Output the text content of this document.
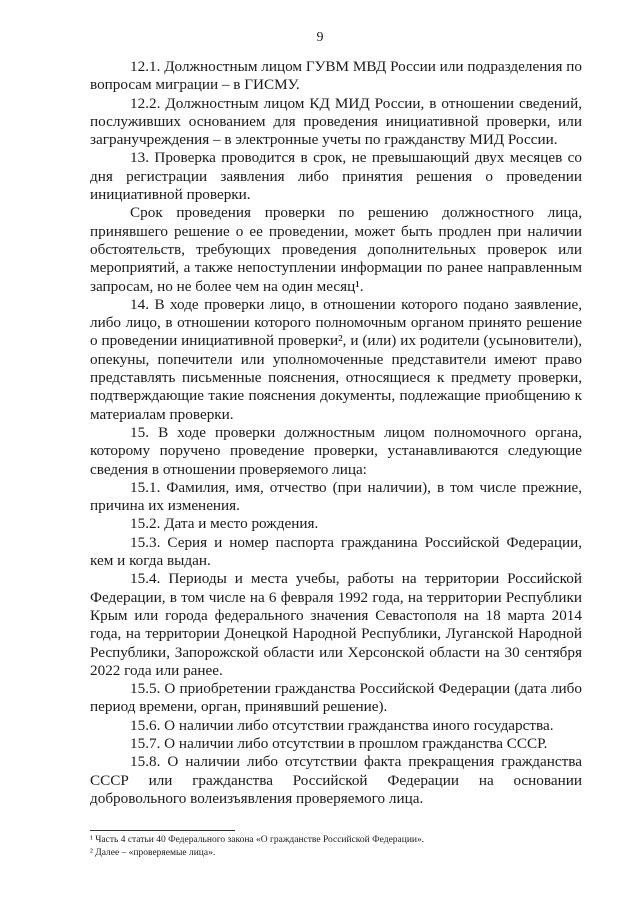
9

12.1. Должностным лицом ГУВМ МВД России или подразделения по вопросам миграции – в ГИСМУ.

12.2. Должностным лицом КД МИД России, в отношении сведений, послуживших основанием для проведения инициативной проверки, или загранучреждения – в электронные учеты по гражданству МИД России.

13. Проверка проводится в срок, не превышающий двух месяцев со дня регистрации заявления либо принятия решения о проведении инициативной проверки.

Срок проведения проверки по решению должностного лица, принявшего решение о ее проведении, может быть продлен при наличии обстоятельств, требующих проведения дополнительных проверок или мероприятий, а также непоступлении информации по ранее направленным запросам, но не более чем на один месяц¹.

14. В ходе проверки лицо, в отношении которого подано заявление, либо лицо, в отношении которого полномочным органом принято решение о проведении инициативной проверки², и (или) их родители (усыновители), опекуны, попечители или уполномоченные представители имеют право представлять письменные пояснения, относящиеся к предмету проверки, подтверждающие такие пояснения документы, подлежащие приобщению к материалам проверки.

15. В ходе проверки должностным лицом полномочного органа, которому поручено проведение проверки, устанавливаются следующие сведения в отношении проверяемого лица:

15.1. Фамилия, имя, отчество (при наличии), в том числе прежние, причина их изменения.

15.2. Дата и место рождения.

15.3. Серия и номер паспорта гражданина Российской Федерации, кем и когда выдан.

15.4. Периоды и места учебы, работы на территории Российской Федерации, в том числе на 6 февраля 1992 года, на территории Республики Крым или города федерального значения Севастополя на 18 марта 2014 года, на территории Донецкой Народной Республики, Луганской Народной Республики, Запорожской области или Херсонской области на 30 сентября 2022 года или ранее.

15.5. О приобретении гражданства Российской Федерации (дата либо период времени, орган, принявший решение).

15.6. О наличии либо отсутствии гражданства иного государства.

15.7. О наличии либо отсутствии в прошлом гражданства СССР.

15.8. О наличии либо отсутствии факта прекращения гражданства СССР или гражданства Российской Федерации на основании добровольного волеизъявления проверяемого лица.

¹ Часть 4 статьи 40 Федерального закона «О гражданстве Российской Федерации».

² Далее – «проверяемые лица».
